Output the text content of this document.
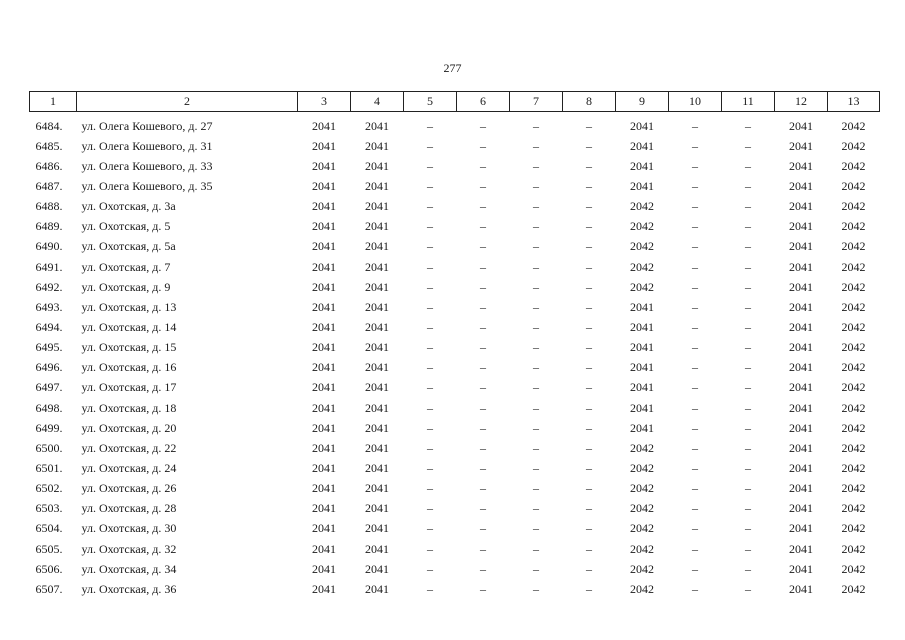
277
1	2	3	4	5	6	7	8	9	10	11	12	13
6484.	ул. Олега Кошевого, д. 27	2041	2041	–	–	–	–	2041	–	–	2041	2042
6485.	ул. Олега Кошевого, д. 31	2041	2041	–	–	–	–	2041	–	–	2041	2042
6486.	ул. Олега Кошевого, д. 33	2041	2041	–	–	–	–	2041	–	–	2041	2042
6487.	ул. Олега Кошевого, д. 35	2041	2041	–	–	–	–	2041	–	–	2041	2042
6488.	ул. Охотская, д. 3а	2041	2041	–	–	–	–	2042	–	–	2041	2042
6489.	ул. Охотская, д. 5	2041	2041	–	–	–	–	2042	–	–	2041	2042
6490.	ул. Охотская, д. 5а	2041	2041	–	–	–	–	2042	–	–	2041	2042
6491.	ул. Охотская, д. 7	2041	2041	–	–	–	–	2042	–	–	2041	2042
6492.	ул. Охотская, д. 9	2041	2041	–	–	–	–	2042	–	–	2041	2042
6493.	ул. Охотская, д. 13	2041	2041	–	–	–	–	2041	–	–	2041	2042
6494.	ул. Охотская, д. 14	2041	2041	–	–	–	–	2041	–	–	2041	2042
6495.	ул. Охотская, д. 15	2041	2041	–	–	–	–	2041	–	–	2041	2042
6496.	ул. Охотская, д. 16	2041	2041	–	–	–	–	2041	–	–	2041	2042
6497.	ул. Охотская, д. 17	2041	2041	–	–	–	–	2041	–	–	2041	2042
6498.	ул. Охотская, д. 18	2041	2041	–	–	–	–	2041	–	–	2041	2042
6499.	ул. Охотская, д. 20	2041	2041	–	–	–	–	2041	–	–	2041	2042
6500.	ул. Охотская, д. 22	2041	2041	–	–	–	–	2042	–	–	2041	2042
6501.	ул. Охотская, д. 24	2041	2041	–	–	–	–	2042	–	–	2041	2042
6502.	ул. Охотская, д. 26	2041	2041	–	–	–	–	2042	–	–	2041	2042
6503.	ул. Охотская, д. 28	2041	2041	–	–	–	–	2042	–	–	2041	2042
6504.	ул. Охотская, д. 30	2041	2041	–	–	–	–	2042	–	–	2041	2042
6505.	ул. Охотская, д. 32	2041	2041	–	–	–	–	2042	–	–	2041	2042
6506.	ул. Охотская, д. 34	2041	2041	–	–	–	–	2042	–	–	2041	2042
6507.	ул. Охотская, д. 36	2041	2041	–	–	–	–	2042	–	–	2041	2042
